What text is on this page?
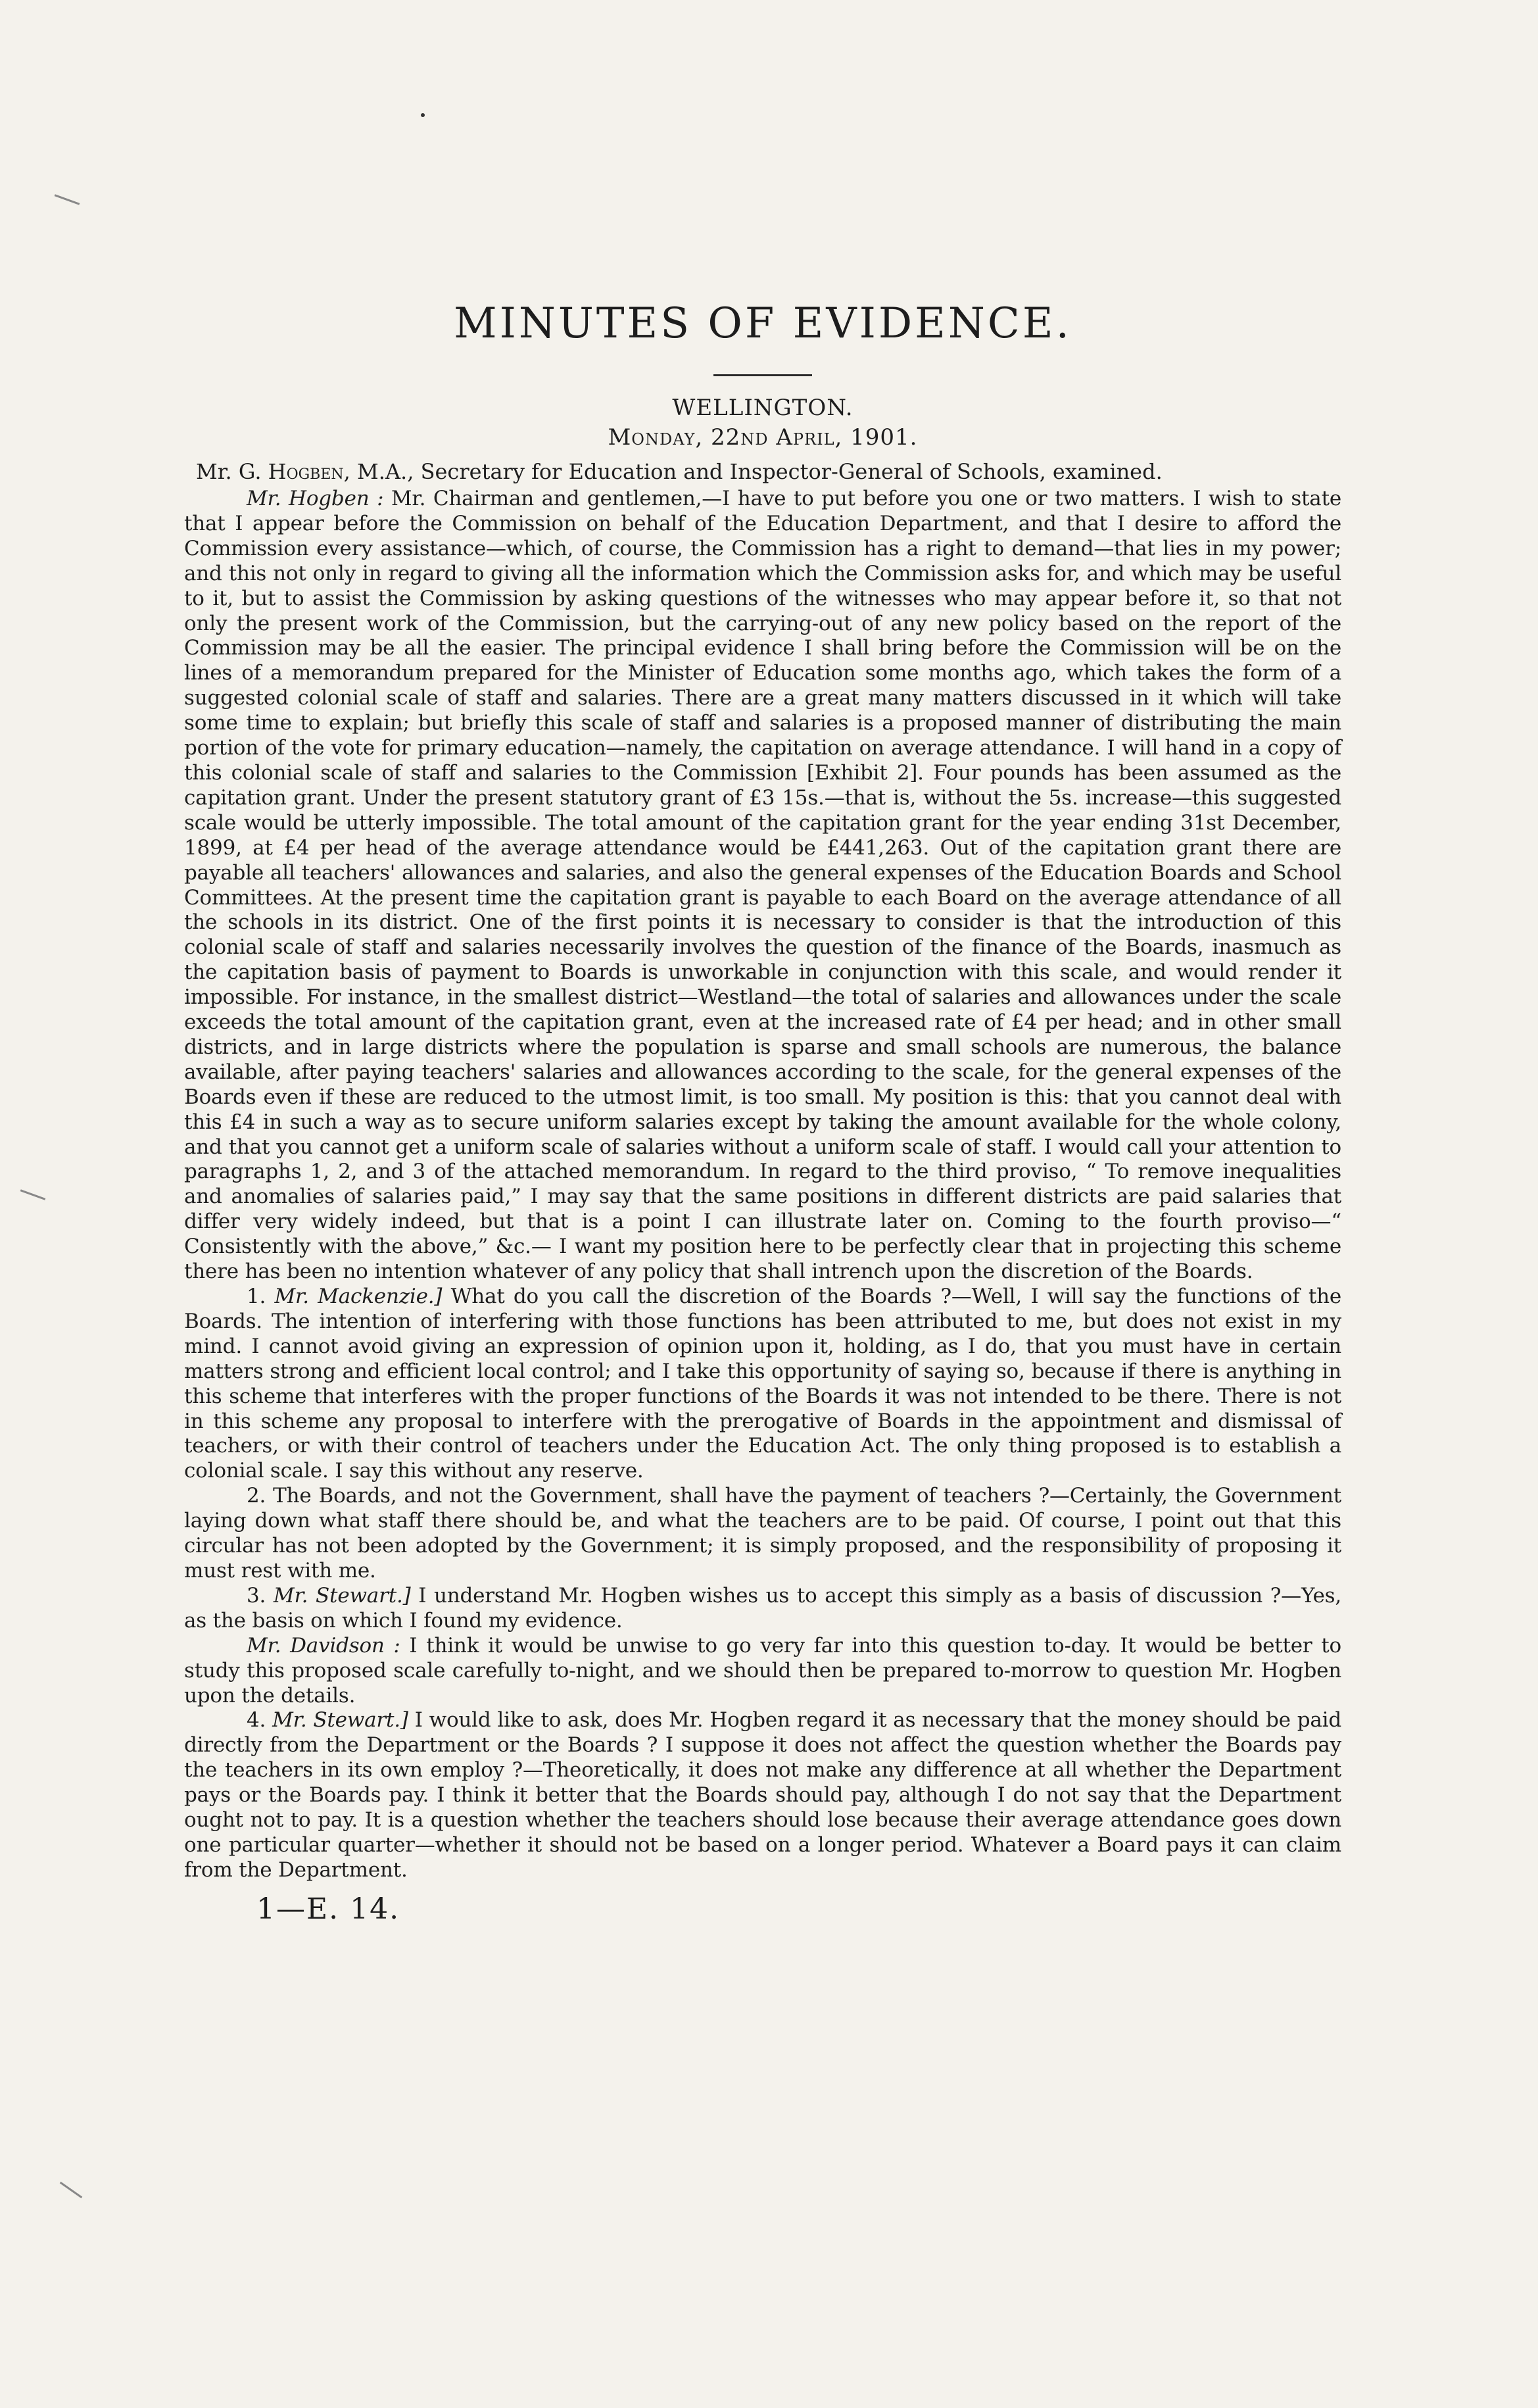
MINUTES OF EVIDENCE.
WELLINGTON.
Monday, 22nd April, 1901.
Mr. G. Hogben, M.A., Secretary for Education and Inspector-General of Schools, examined.

Mr. Hogben : Mr. Chairman and gentlemen,—I have to put before you one or two matters. I wish to state that I appear before the Commission on behalf of the Education Department, and that I desire to afford the Commission every assistance—which, of course, the Commission has a right to demand—that lies in my power; and this not only in regard to giving all the information which the Commission asks for, and which may be useful to it, but to assist the Commission by asking questions of the witnesses who may appear before it, so that not only the present work of the Commission, but the carrying-out of any new policy based on the report of the Commission may be all the easier. The principal evidence I shall bring before the Commission will be on the lines of a memorandum prepared for the Minister of Education some months ago, which takes the form of a suggested colonial scale of staff and salaries. There are a great many matters discussed in it which will take some time to explain; but briefly this scale of staff and salaries is a proposed manner of distributing the main portion of the vote for primary education—namely, the capitation on average attendance. I will hand in a copy of this colonial scale of staff and salaries to the Commission [Exhibit 2]. Four pounds has been assumed as the capitation grant. Under the present statutory grant of £3 15s.—that is, without the 5s. increase—this suggested scale would be utterly impossible. The total amount of the capitation grant for the year ending 31st December, 1899, at £4 per head of the average attendance would be £441,263. Out of the capitation grant there are payable all teachers' allowances and salaries, and also the general expenses of the Education Boards and School Committees. At the present time the capitation grant is payable to each Board on the average attendance of all the schools in its district. One of the first points it is necessary to consider is that the introduction of this colonial scale of staff and salaries necessarily involves the question of the finance of the Boards, inasmuch as the capitation basis of payment to Boards is unworkable in conjunction with this scale, and would render it impossible. For instance, in the smallest district—Westland—the total of salaries and allowances under the scale exceeds the total amount of the capitation grant, even at the increased rate of £4 per head; and in other small districts, and in large districts where the population is sparse and small schools are numerous, the balance available, after paying teachers' salaries and allowances according to the scale, for the general expenses of the Boards even if these are reduced to the utmost limit, is too small. My position is this: that you cannot deal with this £4 in such a way as to secure uniform salaries except by taking the amount available for the whole colony, and that you cannot get a uniform scale of salaries without a uniform scale of staff. I would call your attention to paragraphs 1, 2, and 3 of the attached memorandum. In regard to the third proviso, “ To remove inequalities and anomalies of salaries paid,” I may say that the same positions in different districts are paid salaries that differ very widely indeed, but that is a point I can illustrate later on. Coming to the fourth proviso—“ Consistently with the above,” &c.— I want my position here to be perfectly clear that in projecting this scheme there has been no intention whatever of any policy that shall intrench upon the discretion of the Boards.

1. Mr. Mackenzie.] What do you call the discretion of the Boards ?—Well, I will say the functions of the Boards. The intention of interfering with those functions has been attributed to me, but does not exist in my mind. I cannot avoid giving an expression of opinion upon it, holding, as I do, that you must have in certain matters strong and efficient local control; and I take this opportunity of saying so, because if there is anything in this scheme that interferes with the proper functions of the Boards it was not intended to be there. There is not in this scheme any proposal to interfere with the prerogative of Boards in the appointment and dismissal of teachers, or with their control of teachers under the Education Act. The only thing proposed is to establish a colonial scale. I say this without any reserve.

2. The Boards, and not the Government, shall have the payment of teachers ?—Certainly, the Government laying down what staff there should be, and what the teachers are to be paid. Of course, I point out that this circular has not been adopted by the Government; it is simply proposed, and the responsibility of proposing it must rest with me.

3. Mr. Stewart.] I understand Mr. Hogben wishes us to accept this simply as a basis of discussion ?—Yes, as the basis on which I found my evidence.

Mr. Davidson : I think it would be unwise to go very far into this question to-day. It would be better to study this proposed scale carefully to-night, and we should then be prepared to-morrow to question Mr. Hogben upon the details.

4. Mr. Stewart.] I would like to ask, does Mr. Hogben regard it as necessary that the money should be paid directly from the Department or the Boards ? I suppose it does not affect the question whether the Boards pay the teachers in its own employ ?—Theoretically, it does not make any difference at all whether the Department pays or the Boards pay. I think it better that the Boards should pay, although I do not say that the Department ought not to pay. It is a question whether the teachers should lose because their average attendance goes down one particular quarter—whether it should not be based on a longer period. Whatever a Board pays it can claim from the Department.

1—E. 14.
